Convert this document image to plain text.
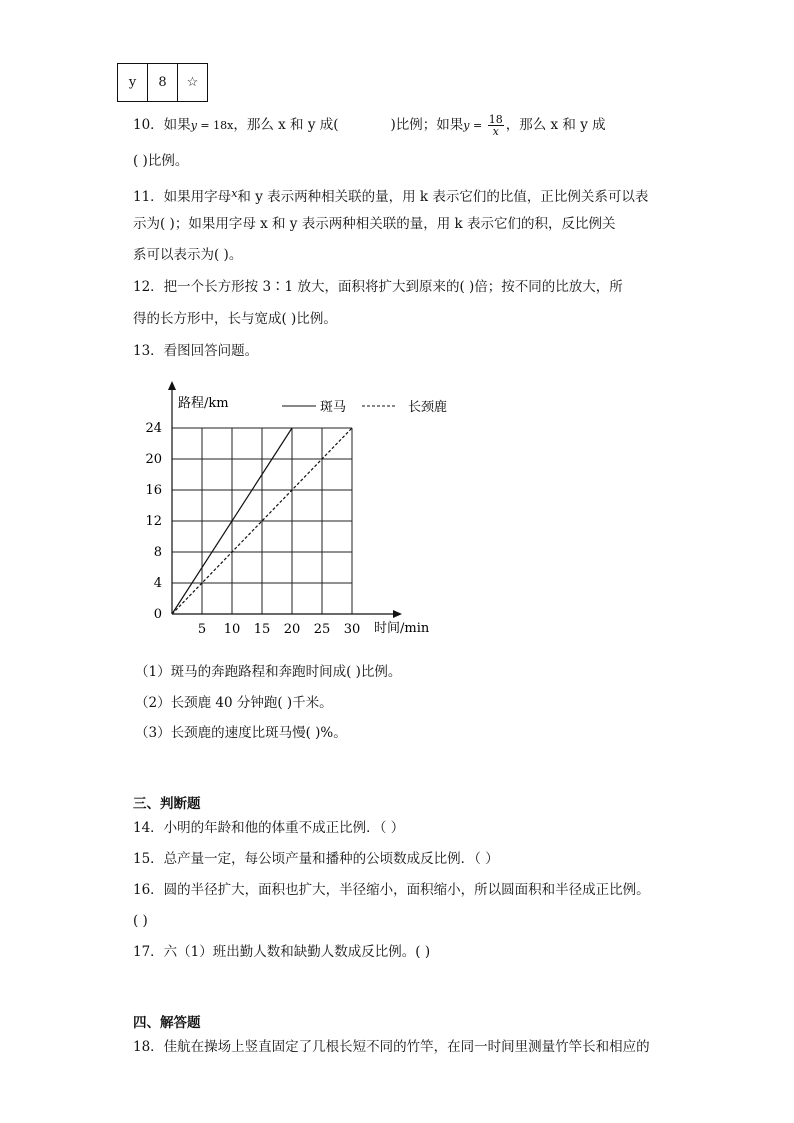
y	8	☆
10．如果y = 18x，那么 x 和 y 成(	)比例；如果$y = \frac{18}{x}$ ，那么 x 和 y 成
( )比例。
11．如果用字母$^x$和 y 表示两种相关联的量，用 k 表示它们的比值，正比例关系可以表
示为( )；如果用字母 x 和 y 表示两种相关联的量，用 k 表示它们的积，反比例关
系可以表示为( )。
12．把一个长方形按 3∶1 放大，面积将扩大到原来的( )倍；按不同的比放大，所
得的长方形中，长与宽成( )比例。
13．看图回答问题。
5 10 15 20 25 30
0
4
8
12
16
20
24
斑马	长颈鹿
路程/km
时间/min
（1）斑马的奔跑路程和奔跑时间成( )比例。
（2）长颈鹿 40 分钟跑( )千米。
（3）长颈鹿的速度比斑马慢( )%。
三、判断题
14．小明的年龄和他的体重不成正比例．（ ）
15．总产量一定，每公顷产量和播种的公顷数成反比例．（ ）
16．圆的半径扩大，面积也扩大，半径缩小，面积缩小，所以圆面积和半径成正比例。
( )
17．六（1）班出勤人数和缺勤人数成反比例。( )
四、解答题
18．佳航在操场上竖直固定了几根长短不同的竹竿，在同一时间里测量竹竿长和相应的
